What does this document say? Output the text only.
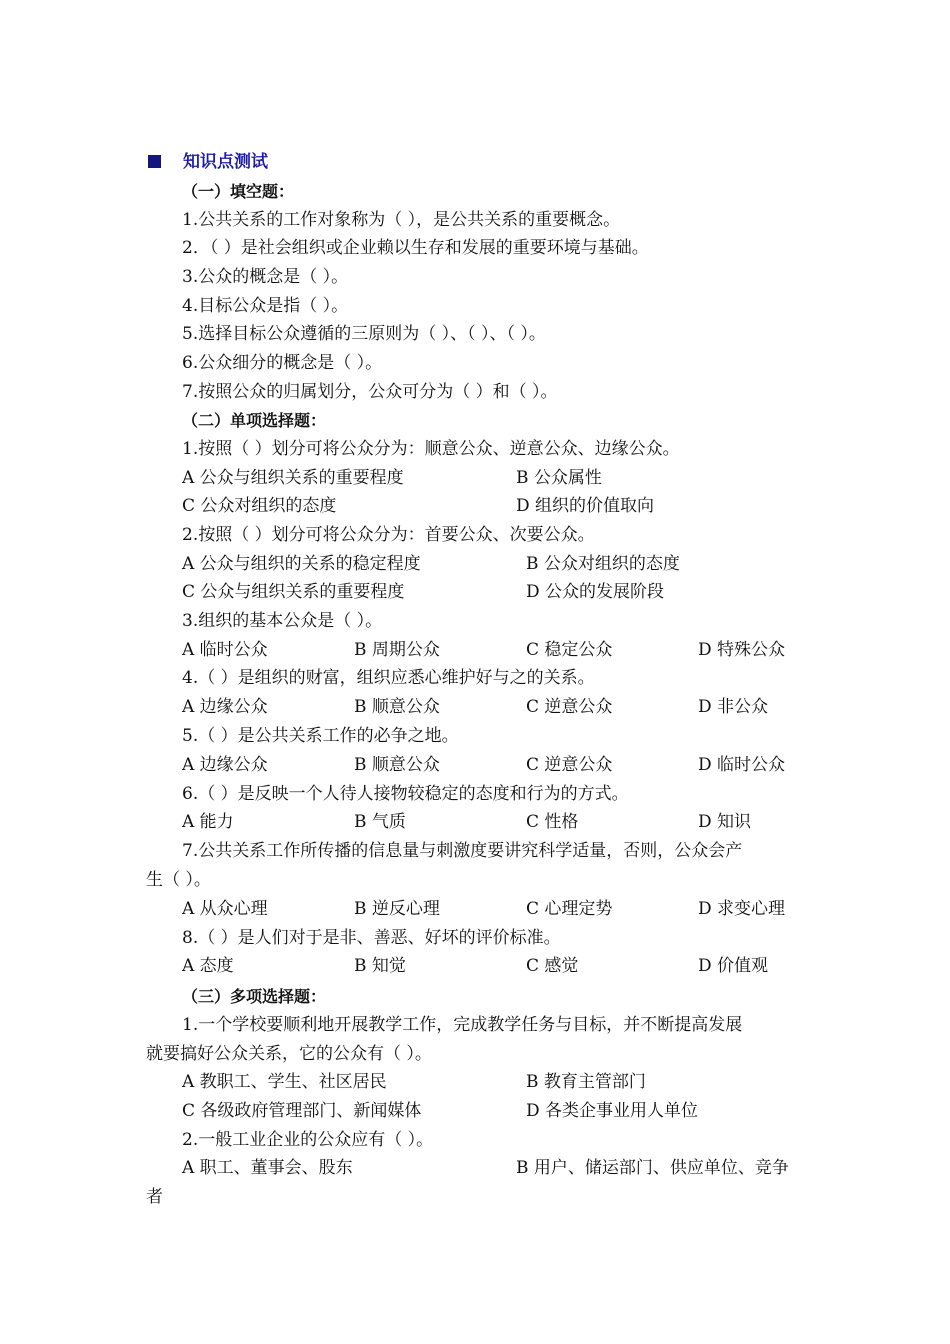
知识点测试
（一）填空题：
1.公共关系的工作对象称为（ ），是公共关系的重要概念。
2．（ ）是社会组织或企业赖以生存和发展的重要环境与基础。
3.公众的概念是（ ）。
4.目标公众是指（ ）。
5.选择目标公众遵循的三原则为（ ）、（ ）、（ ）。
6.公众细分的概念是（ ）。
7.按照公众的归属划分，公众可分为（ ）和（ ）。
（二）单项选择题：
1.按照（ ）划分可将公众分为：顺意公众、逆意公众、边缘公众。
A 公众与组织关系的重要程度	B 公众属性
C 公众对组织的态度	D 组织的价值取向
2.按照（ ）划分可将公众分为：首要公众、次要公众。
A 公众与组织的关系的稳定程度	B 公众对组织的态度
C 公众与组织关系的重要程度	D 公众的发展阶段
3.组织的基本公众是（ ）。
A 临时公众	B 周期公众	C 稳定公众	D 特殊公众
4.（ ）是组织的财富，组织应悉心维护好与之的关系。
A 边缘公众	B 顺意公众	C 逆意公众	D 非公众
5.（ ）是公共关系工作的必争之地。
A 边缘公众	B 顺意公众	C 逆意公众	D 临时公众
6.（ ）是反映一个人待人接物较稳定的态度和行为的方式。
A 能力	B 气质	C 性格	D 知识
7.公共关系工作所传播的信息量与刺激度要讲究科学适量，否则，公众会产
生（ ）。
A 从众心理	B 逆反心理	C 心理定势	D 求变心理
8.（ ）是人们对于是非、善恶、好坏的评价标准。
A 态度	B 知觉	C 感觉	D 价值观
（三）多项选择题：
1.一个学校要顺利地开展教学工作，完成教学任务与目标，并不断提高发展
就要搞好公众关系，它的公众有（ ）。
A 教职工、学生、社区居民	B 教育主管部门
C 各级政府管理部门、新闻媒体	D 各类企事业用人单位
2.一般工业企业的公众应有（ ）。
A 职工、董事会、股东	B 用户、储运部门、供应单位、竞争
者
